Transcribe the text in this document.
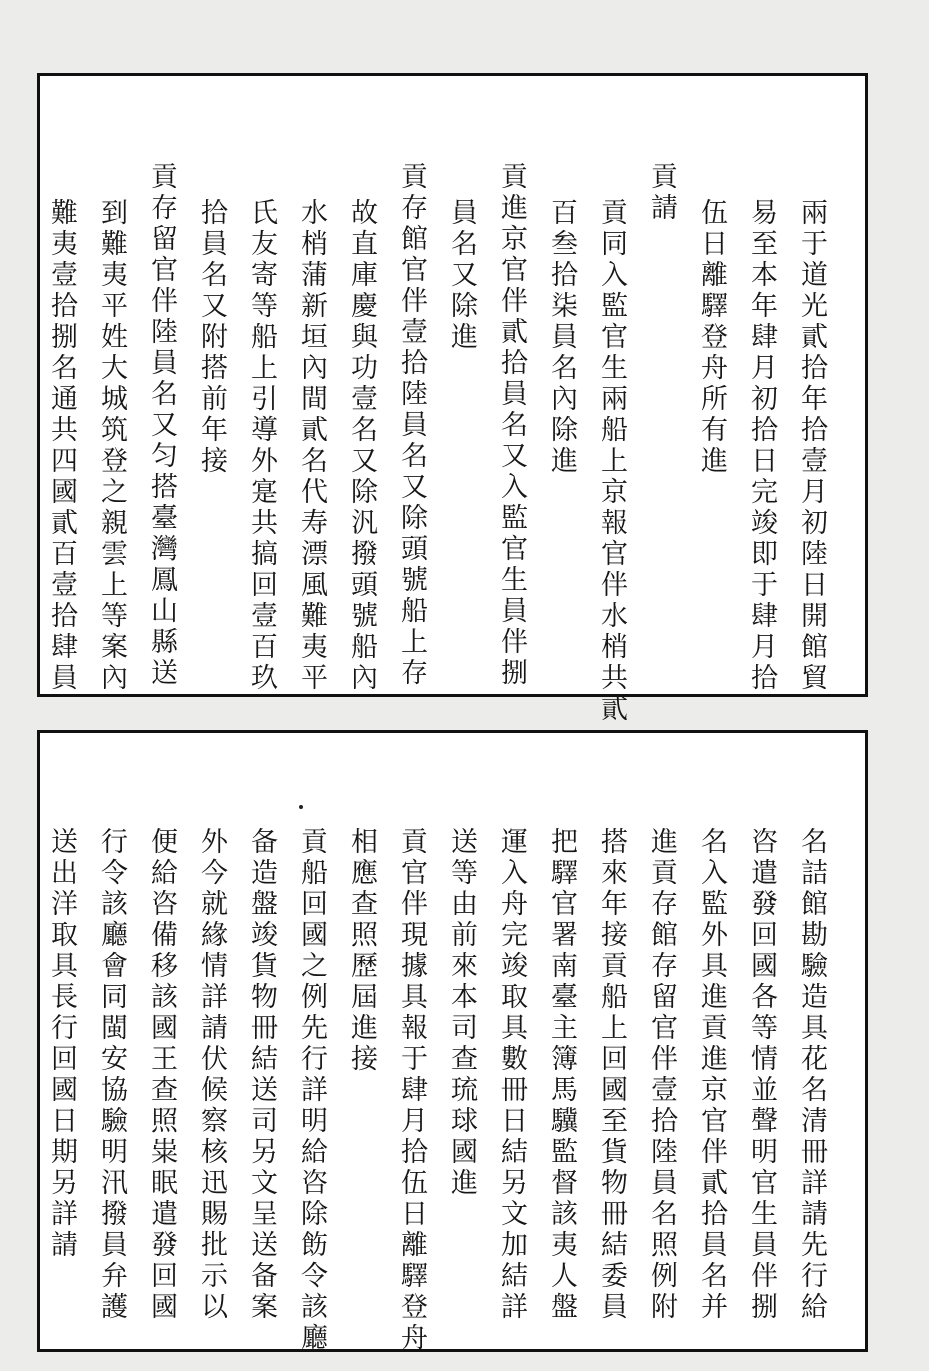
兩于道光貳拾年拾壹月初陸日開館貿
易至本年肆月初拾日完竣即于肆月拾
伍日離驛登舟所有進
貢請
貢同入監官生兩船上京報官伴水梢共貳
百叁拾柒員名內除進
貢進京官伴貳拾員名又入監官生員伴捌
員名又除進
貢存館官伴壹拾陸員名又除頭號船上存
故直庫慶與功壹名又除汎撥頭號船內
水梢蒲新垣內間貳名代寿漂風難夷平
氏友寄等船上引導外寔共搞回壹百玖
拾員名又附搭前年接
貢存留官伴陸員名又匀搭臺灣鳳山縣送
到難夷平姓大城筑登之親雲上等案內
難夷壹拾捌名通共四國貳百壹拾肆員
名詰館勘驗造具花名清冊詳請先行給
咨遣發回國各等情並聲明官生員伴捌
名入監外具進貢進京官伴貳拾員名并
進貢存館存留官伴壹拾陸員名照例附
搭來年接貢船上回國至貨物冊結委員
把驛官署南臺主簿馬驥監督該夷人盤
運入舟完竣取具數冊日結另文加結詳
送等由前來本司查琉球國進
貢官伴現據具報于肆月拾伍日離驛登舟
相應查照歷屆進接
貢船回國之例先行詳明給咨除飭令該廳
备造盤竣貨物冊結送司另文呈送备案
外今就緣情詳請伏候察核迅賜批示以
便給咨備移該國王查照粜眠遣發回國
行令該廳會同閩安協驗明汛撥員弁護
送出洋取具長行回國日期另詳請
